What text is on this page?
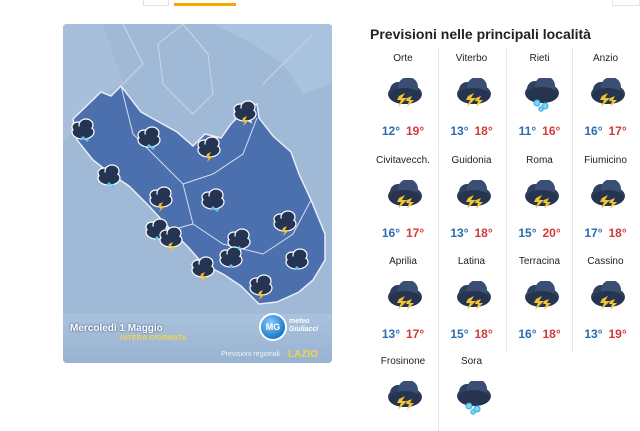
Mercoledì 1 Maggio
INTERA GIORNATA
MG
meteo
Giuliacci
Previsioni regionali LAZIO
Previsioni nelle principali località
Orte
12° 19°
Viterbo
13° 18°
Rieti
11° 16°
Anzio
16° 17°
Civitavecch.
16° 17°
Guidonia
13° 18°
Roma
15° 20°
Fiumicino
17° 18°
Aprilia
13° 17°
Latina
15° 18°
Terracina
16° 18°
Cassino
13° 19°
Frosinone	Sora
